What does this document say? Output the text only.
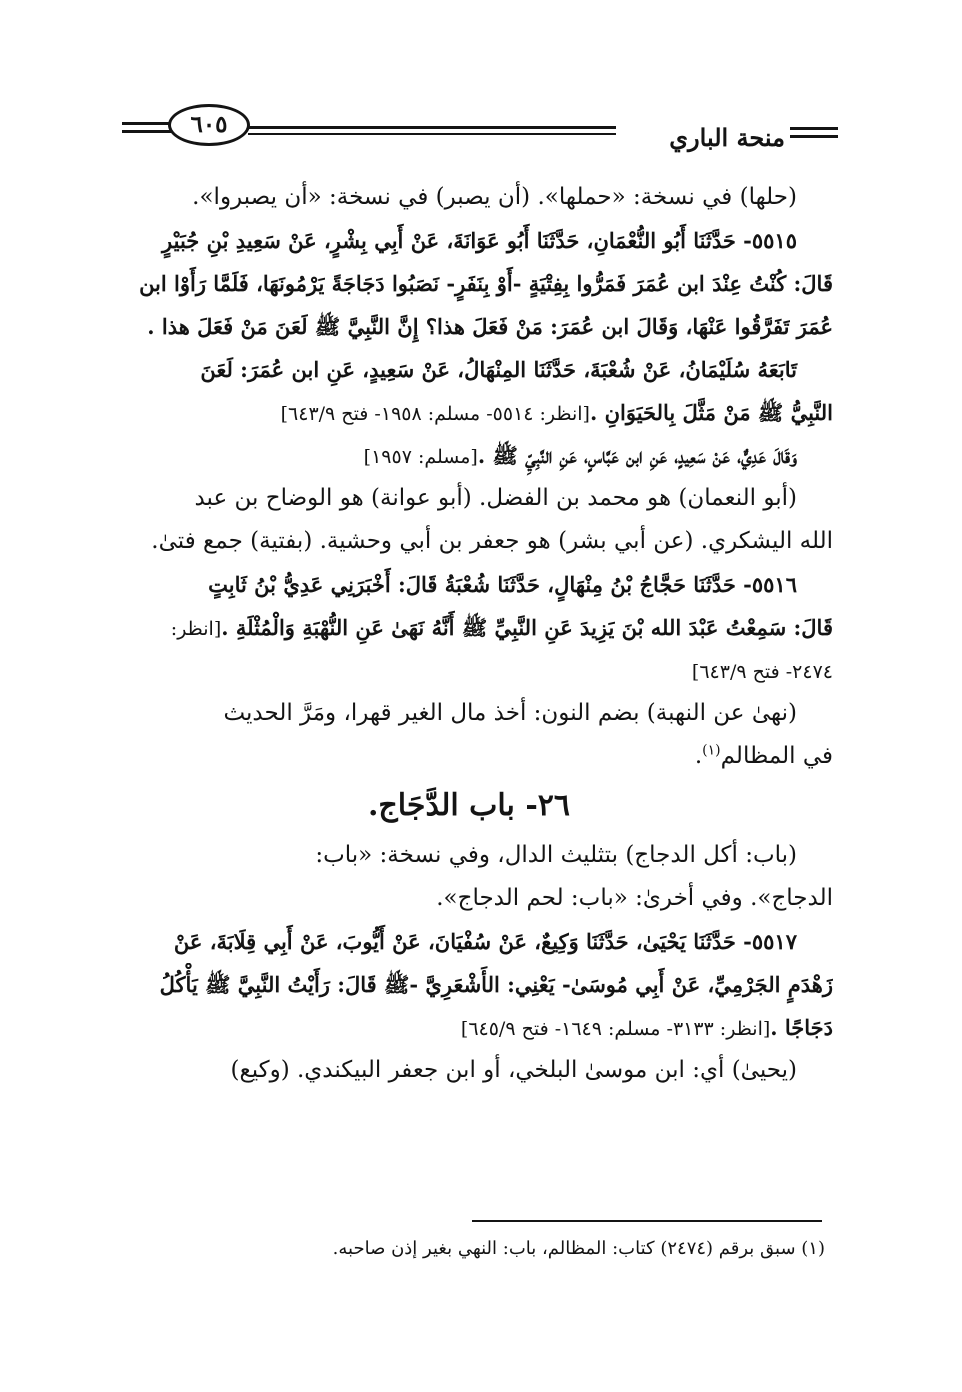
منحة الباري
٦٠٥
(حلها) في نسخة: «حملها». (أن يصبر) في نسخة: «أن يصبروا».
٥٥١٥- حَدَّثَنَا أَبُو النُّعْمَانِ، حَدَّثَنَا أَبُو عَوَانَةَ، عَنْ أَبِي بِشْرٍ، عَنْ سَعِيدِ بْنِ جُبَيْرٍ
قَالَ: كُنْتُ عِنْدَ ابن عُمَرَ فَمَرُّوا بِفِتْيَةٍ -أَوْ بِنَفَرٍ- نَصَبُوا دَجَاجَةً يَرْمُونَهَا، فَلَمَّا رَأَوْا ابن
عُمَرَ تَفَرَّقُوا عَنْهَا، وَقَالَ ابن عُمَرَ: مَنْ فَعَلَ هذا؟ إِنَّ النَّبِيَّ ﷺ لَعَنَ مَنْ فَعَلَ هذا .
تَابَعَهُ سُلَيْمَانُ، عَنْ شُعْبَةَ، حَدَّثَنَا المِنْهَالُ، عَنْ سَعِيدٍ، عَنِ ابن عُمَرَ: لَعَنَ
النَّبِيُّ ﷺ مَنْ مَثَّلَ بِالحَيَوَانِ .[انظر: ٥٥١٤- مسلم: ١٩٥٨- فتح ٦٤٣/٩]
وَقَالَ عَدِيٌّ، عَنْ سَعِيدٍ، عَنِ ابن عَبَّاسٍ، عَنِ النَّبِيِّ ﷺ .[مسلم: ١٩٥٧]
(أبو النعمان) هو محمد بن الفضل. (أبو عوانة) هو الوضاح بن عبد
الله اليشكري. (عن أبي بشر) هو جعفر بن أبي وحشية. (بفتية) جمع فتىٰ.
٥٥١٦- حَدَّثَنَا حَجَّاجُ بْنُ مِنْهَالٍ، حَدَّثَنَا شُعْبَةُ قَالَ: أَخْبَرَنِي عَدِيُّ بْنُ ثَابِتٍ
قَالَ: سَمِعْتُ عَبْدَ الله بْنَ يَزِيدَ عَنِ النَّبِيِّ ﷺ أَنَّهُ نَهَىٰ عَنِ النُّهْبَةِ وَالْمُثْلَةِ .[انظر:
٢٤٧٤- فتح ٦٤٣/٩]
(نهىٰ عن النهبة) بضم النون: أخذ مال الغير قهرا، ومَرَّ الحديث
في المظالم$^{(١)}$.
٢٦- باب الدَّجَاج.
(باب: أكل الدجاج) بتثليث الدال، وفي نسخة: «باب:
الدجاج». وفي أخرىٰ: «باب: لحم الدجاج».
٥٥١٧- حَدَّثَنَا يَحْيَىٰ، حَدَّثَنَا وَكِيعٌ، عَنْ سُفْيَانَ، عَنْ أَيُّوبَ، عَنْ أَبِي قِلَابَةَ، عَنْ
زَهْدَمٍ الجَرْمِيِّ، عَنْ أَبِي مُوسَىٰ- يَعْنِي: الأَشْعَرِيَّ -ﷺ قَالَ: رَأَيْتُ النَّبِيَّ ﷺ يَأْكُلُ
دَجَاجًا .[انظر: ٣١٣٣- مسلم: ١٦٤٩- فتح ٦٤٥/٩]
(يحيىٰ) أي: ابن موسىٰ البلخي، أو ابن جعفر البيكندي. (وكيع)
(١) سبق برقم (٢٤٧٤) كتاب: المظالم، باب: النهي بغير إذن صاحبه.
